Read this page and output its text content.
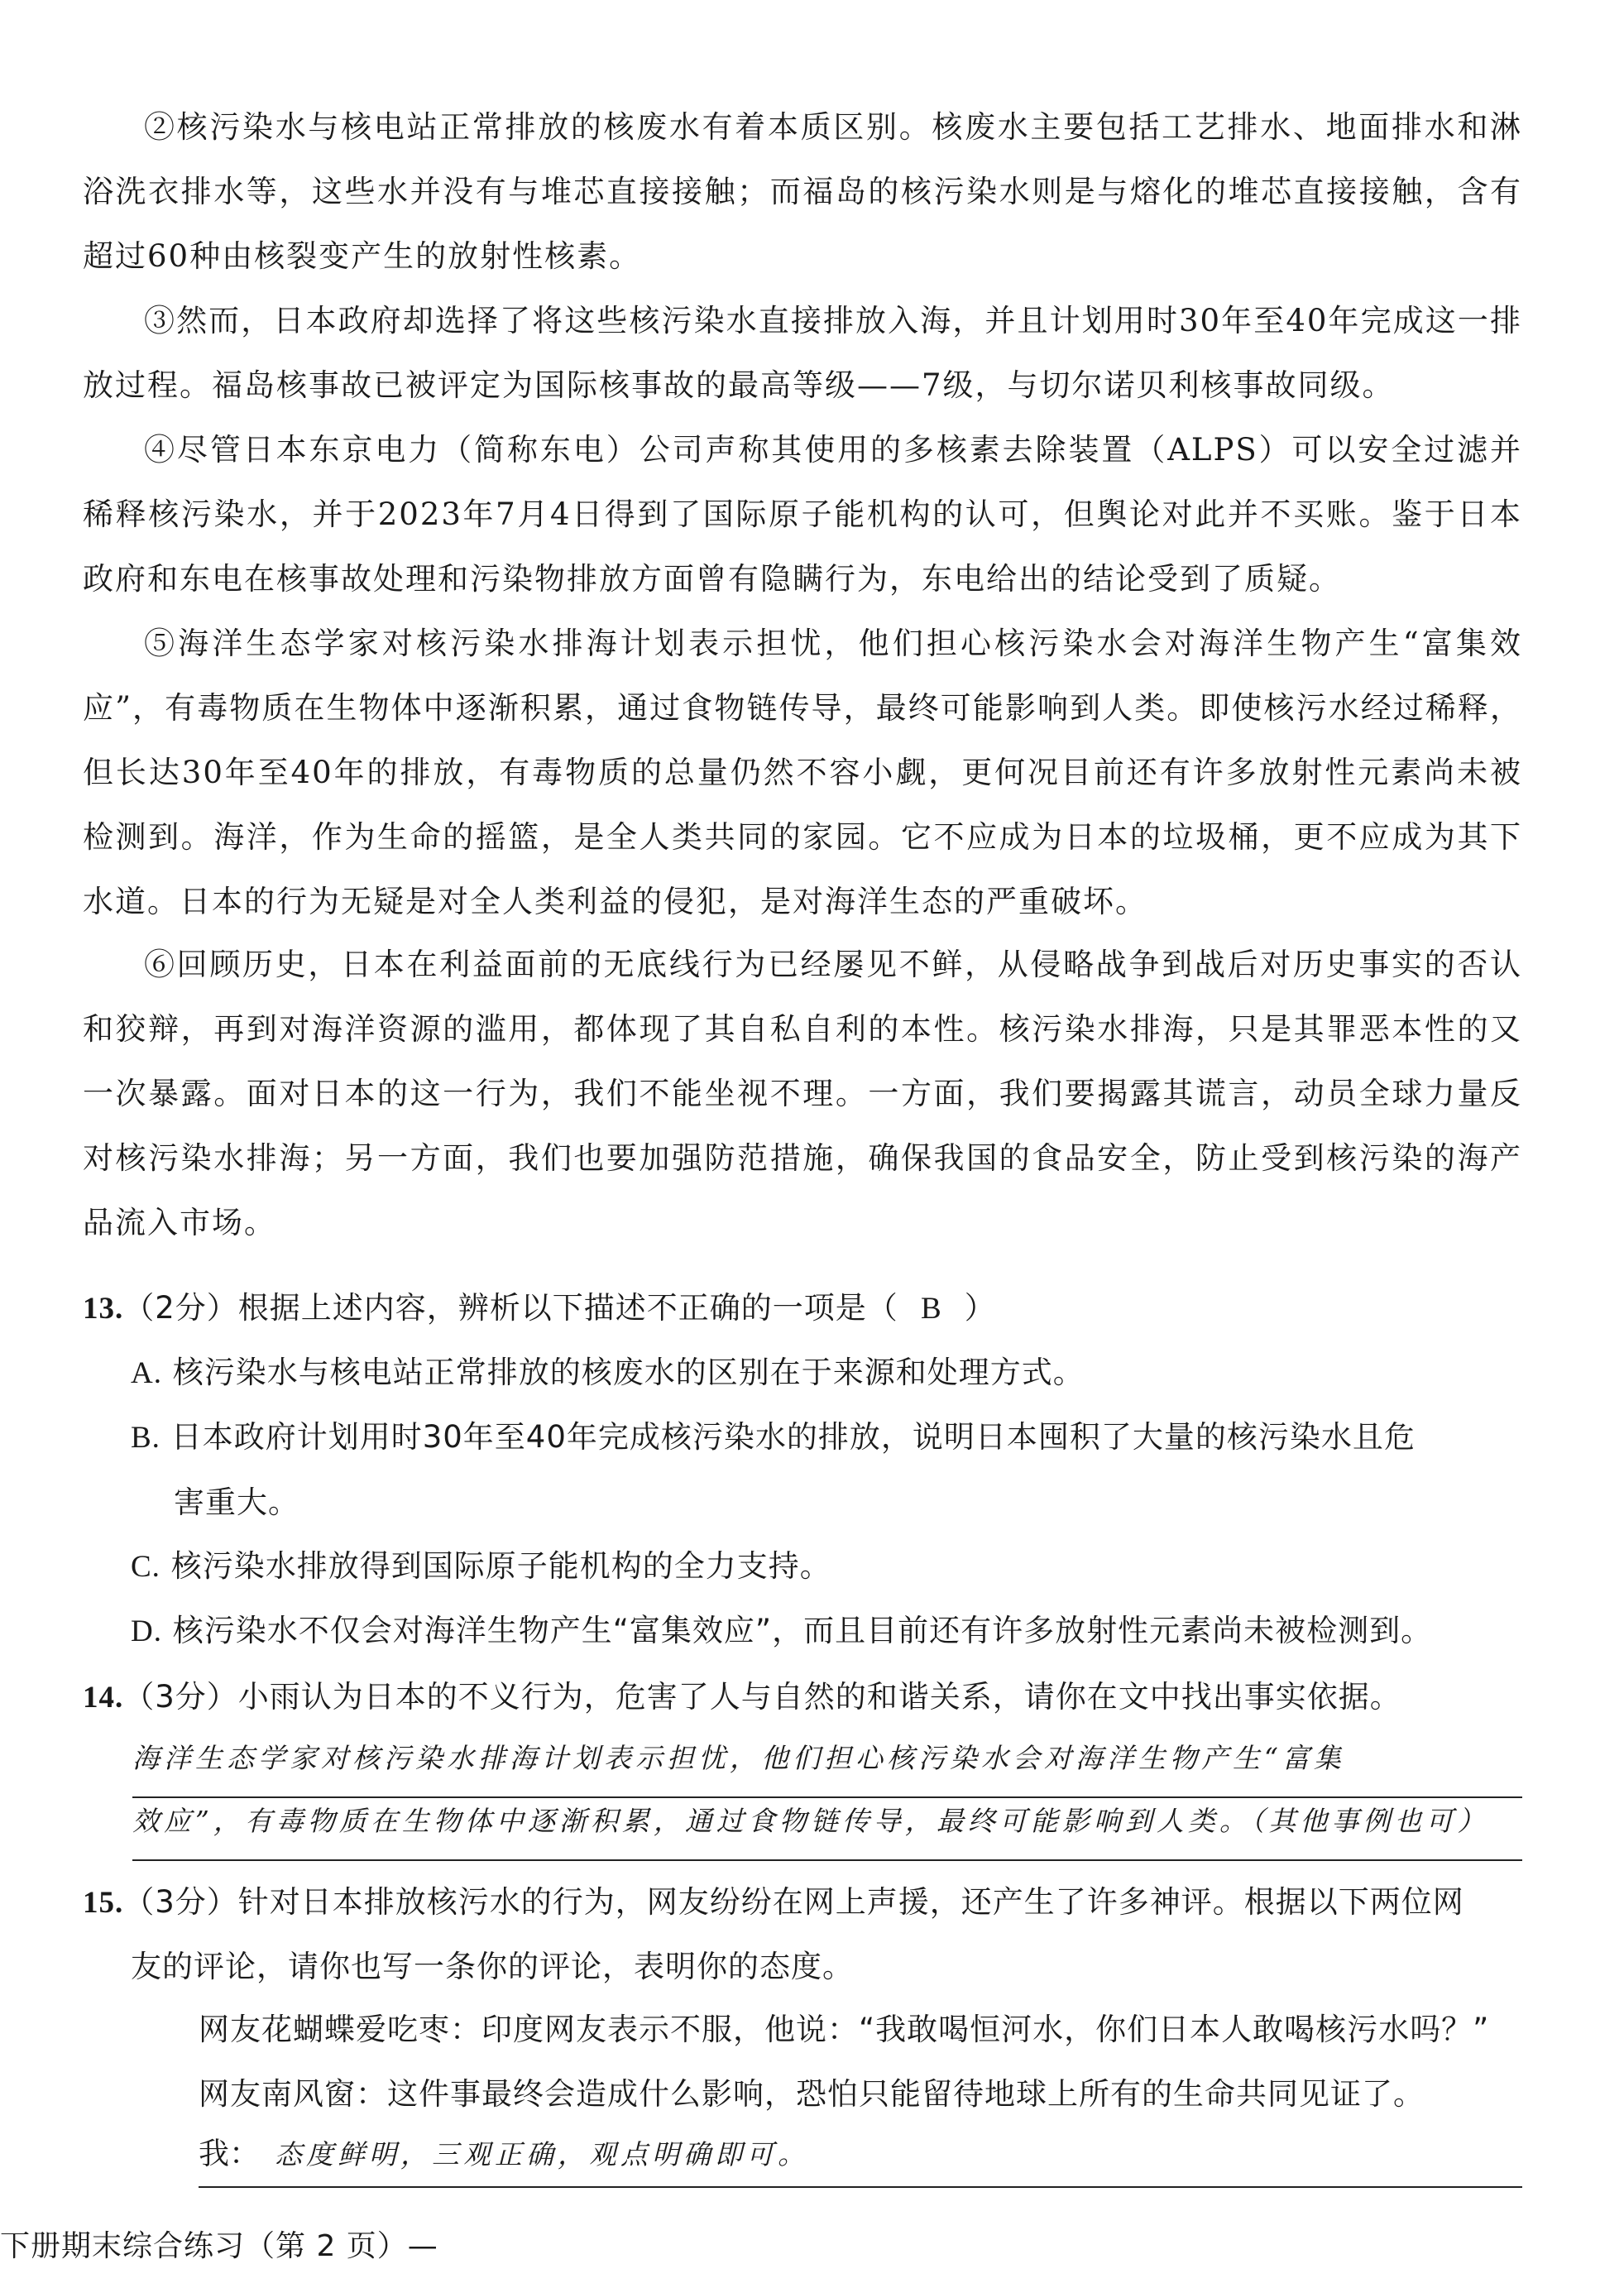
②核污染水与核电站正常排放的核废水有着本质区别。核废水主要包括工艺排水、地面排水和淋浴洗衣排水等，这些水并没有与堆芯直接接触；而福岛的核污染水则是与熔化的堆芯直接接触，含有超过60种由核裂变产生的放射性核素。
③然而，日本政府却选择了将这些核污染水直接排放入海，并且计划用时30年至40年完成这一排放过程。福岛核事故已被评定为国际核事故的最高等级——7级，与切尔诺贝利核事故同级。
④尽管日本东京电力（简称东电）公司声称其使用的多核素去除装置（ALPS）可以安全过滤并稀释核污染水，并于2023年7月4日得到了国际原子能机构的认可，但舆论对此并不买账。鉴于日本政府和东电在核事故处理和污染物排放方面曾有隐瞒行为，东电给出的结论受到了质疑。
⑤海洋生态学家对核污染水排海计划表示担忧，他们担心核污染水会对海洋生物产生“富集效应”，有毒物质在生物体中逐渐积累，通过食物链传导，最终可能影响到人类。即使核污水经过稀释，但长达30年至40年的排放，有毒物质的总量仍然不容小觑，更何况目前还有许多放射性元素尚未被检测到。海洋，作为生命的摇篮，是全人类共同的家园。它不应成为日本的垃圾桶，更不应成为其下水道。日本的行为无疑是对全人类利益的侵犯，是对海洋生态的严重破坏。
⑥回顾历史，日本在利益面前的无底线行为已经屡见不鲜，从侵略战争到战后对历史事实的否认和狡辩，再到对海洋资源的滥用，都体现了其自私自利的本性。核污染水排海，只是其罪恶本性的又一次暴露。面对日本的这一行为，我们不能坐视不理。一方面，我们要揭露其谎言，动员全球力量反对核污染水排海；另一方面，我们也要加强防范措施，确保我国的食品安全，防止受到核污染的海产品流入市场。
13.（2分）根据上述内容，辨析以下描述不正确的一项是（ B ）
A. 核污染水与核电站正常排放的核废水的区别在于来源和处理方式。
B. 日本政府计划用时30年至40年完成核污染水的排放，说明日本囤积了大量的核污染水且危
害重大。
C. 核污染水排放得到国际原子能机构的全力支持。
D. 核污染水不仅会对海洋生物产生“富集效应”，而且目前还有许多放射性元素尚未被检测到。
14.（3分）小雨认为日本的不义行为，危害了人与自然的和谐关系，请你在文中找出事实依据。
海洋生态学家对核污染水排海计划表示担忧，他们担心核污染水会对海洋生物产生“富集
效应”，有毒物质在生物体中逐渐积累，通过食物链传导，最终可能影响到人类。（其他事例也可）
15.（3分）针对日本排放核污水的行为，网友纷纷在网上声援，还产生了许多神评。根据以下两位网
友的评论，请你也写一条你的评论，表明你的态度。
网友花蝴蝶爱吃枣：印度网友表示不服，他说：“我敢喝恒河水，你们日本人敢喝核污水吗？”
网友南风窗：这件事最终会造成什么影响，恐怕只能留待地球上所有的生命共同见证了。
我： 态度鲜明，三观正确，观点明确即可。
下册期末综合练习（第 2 页）—
